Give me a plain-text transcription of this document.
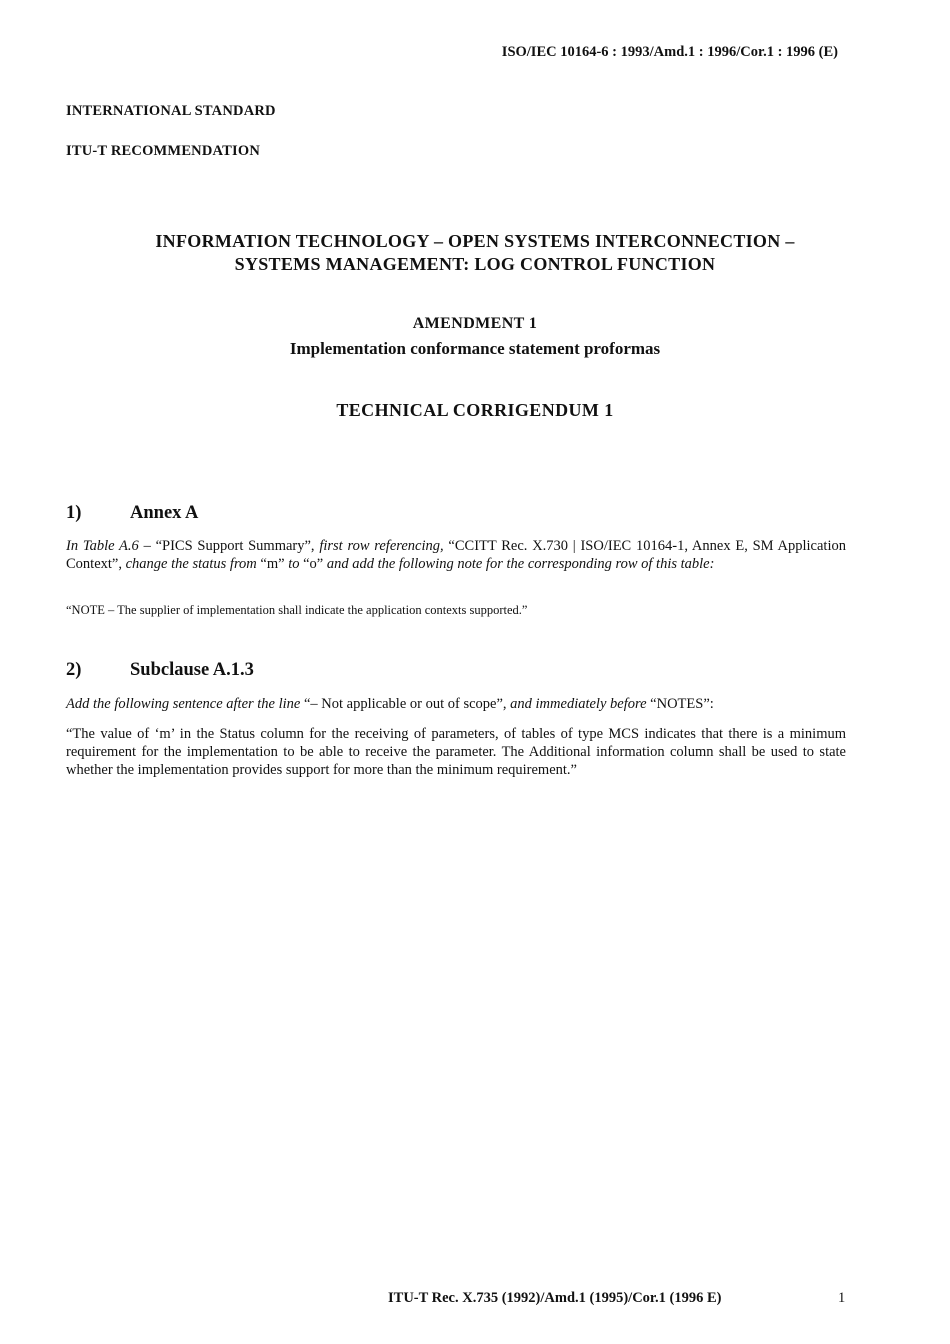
ISO/IEC 10164-6 : 1993/Amd.1 : 1996/Cor.1 : 1996 (E)
INTERNATIONAL STANDARD
ITU-T RECOMMENDATION
INFORMATION TECHNOLOGY – OPEN SYSTEMS INTERCONNECTION –
SYSTEMS MANAGEMENT: LOG CONTROL FUNCTION
AMENDMENT 1
Implementation conformance statement proformas
TECHNICAL CORRIGENDUM 1
1)	Annex A
In Table A.6 – “PICS Support Summary”, first row referencing, “CCITT Rec. X.730 | ISO/IEC 10164-1, Annex E, SM Application Context”, change the status from “m” to “o” and add the following note for the corresponding row of this table:
“NOTE – The supplier of implementation shall indicate the application contexts supported.”
2)	Subclause A.1.3
Add the following sentence after the line “– Not applicable or out of scope”, and immediately before “NOTES”:
“The value of ‘m’ in the Status column for the receiving of parameters, of tables of type MCS indicates that there is a minimum requirement for the implementation to be able to receive the parameter. The Additional information column shall be used to state whether the implementation provides support for more than the minimum requirement.”
ITU-T Rec. X.735 (1992)/Amd.1 (1995)/Cor.1 (1996 E)	1
